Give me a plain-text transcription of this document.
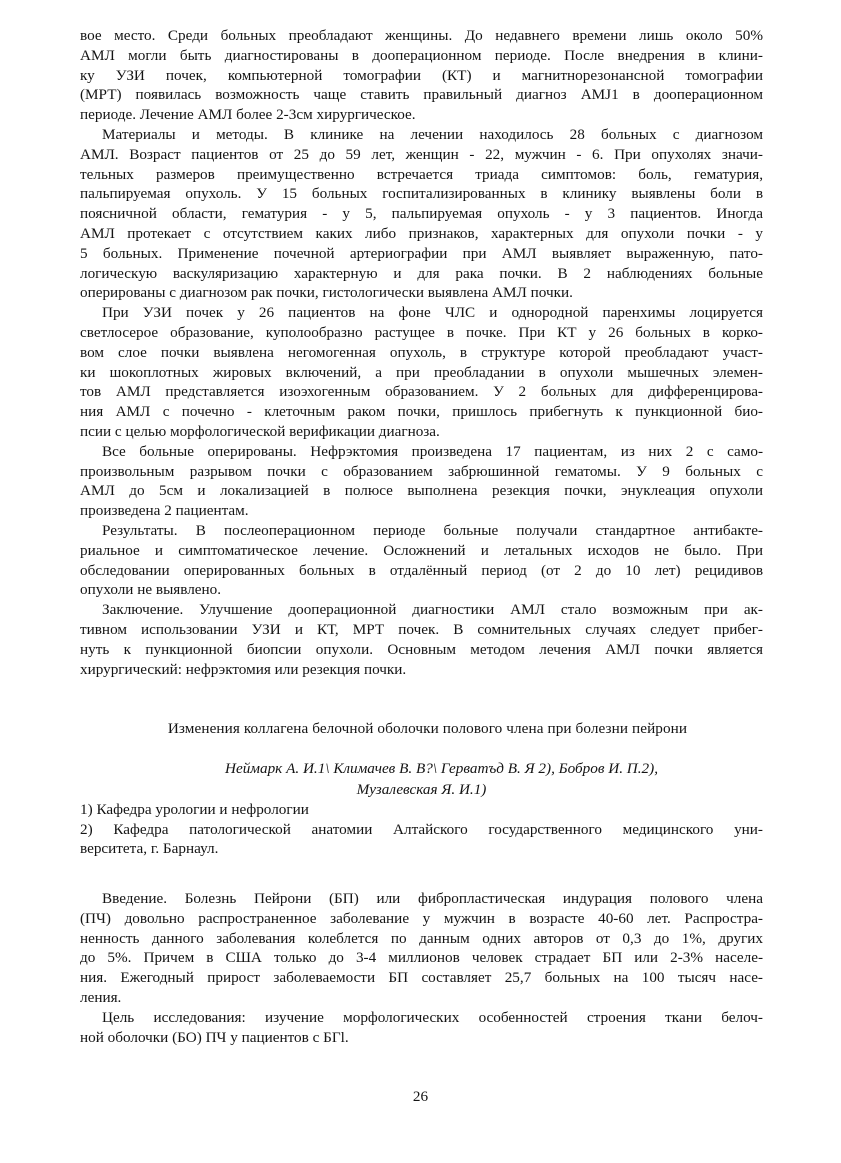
вое место. Среди больных преобладают женщины. До недавнего времени лишь около 50%
АМЛ могли быть диагностированы в дооперационном периоде. После внедрения в клини-
ку УЗИ почек, компьютерной томографии (КТ) и магнитнорезонансной томографии
(МРТ) появилась возможность чаще ставить правильный диагноз АМЈ1 в дооперационном
периоде. Лечение АМЛ более 2-3см хирургическое.
Материалы и методы. В клинике на лечении находилось 28 больных с диагнозом
АМЛ. Возраст пациентов от 25 до 59 лет, женщин - 22, мужчин - 6. При опухолях значи-
тельных размеров преимущественно встречается триада симптомов: боль, гематурия,
пальпируемая опухоль. У 15 больных госпитализированных в клинику выявлены боли в
поясничной области, гематурия - у 5, пальпируемая опухоль - у 3 пациентов. Иногда
АМЛ протекает с отсутствием каких либо признаков, характерных для опухоли почки - у
5 больных. Применение почечной артериографии при АМЛ выявляет выраженную, пато-
логическую васкуляризацию характерную и для рака почки. В 2 наблюдениях больные
оперированы с диагнозом рак почки, гистологически выявлена АМЛ почки.
При УЗИ почек у 26 пациентов на фоне ЧЛС и однородной паренхимы лоцируется
светлосерое образование, куполообразно растущее в почке. При КТ у 26 больных в корко-
вом слое почки выявлена негомогенная опухоль, в структуре которой преобладают участ-
ки шокоплотных жировых включений, а при преобладании в опухоли мышечных элемен-
тов АМЛ представляется изоэхогенным образованием. У 2 больных для дифференцирова-
ния АМЛ с почечно - клеточным раком почки, пришлось прибегнуть к пункционной био-
псии с целью морфологической верификации диагноза.
Все больные оперированы. Нефрэктомия произведена 17 пациентам, из них 2 с само-
произвольным разрывом почки с образованием забрюшинной гематомы. У 9 больных с
АМЛ до 5см и локализацией в полюсе выполнена резекция почки, энуклеация опухоли
произведена 2 пациентам.
Результаты. В послеоперационном периоде больные получали стандартное антибакте-
риальное и симптоматическое лечение. Осложнений и летальных исходов не было. При
обследовании оперированных больных в отдалённый период (от 2 до 10 лет) рецидивов
опухоли не выявлено.
Заключение. Улучшение дооперационной диагностики АМЛ стало возможным при ак-
тивном использовании УЗИ и КТ, МРТ почек. В сомнительных случаях следует прибег-
нуть к пункционной биопсии опухоли. Основным методом лечения АМЛ почки является
хирургический: нефрэктомия или резекция почки.
Изменения коллагена белочной оболочки полового члена при болезни пейрони
Неймарк А. И.1\ Климачев В. В?\ Герватъд В. Я 2), Бобров И. П.2),
Музалевская Я. И.1)
1) Кафедра урологии и нефрологии
2) Кафедра патологической анатомии Алтайского государственного медицинского уни-
верситета, г. Барнаул.
Введение. Болезнь Пейрони (БП) или фибропластическая индурация полового члена
(ПЧ) довольно распространенное заболевание у мужчин в возрасте 40-60 лет. Распростра-
ненность данного заболевания колеблется по данным одних авторов от 0,3 до 1%, других
до 5%. Причем в США только до 3-4 миллионов человек страдает БП или 2-3% населе-
ния. Ежегодный прирост заболеваемости БП составляет 25,7 больных на 100 тысяч насе-
ления.
Цель исследования: изучение морфологических особенностей строения ткани белоч-
ной оболочки (БО) ПЧ у пациентов с БГl.
26
